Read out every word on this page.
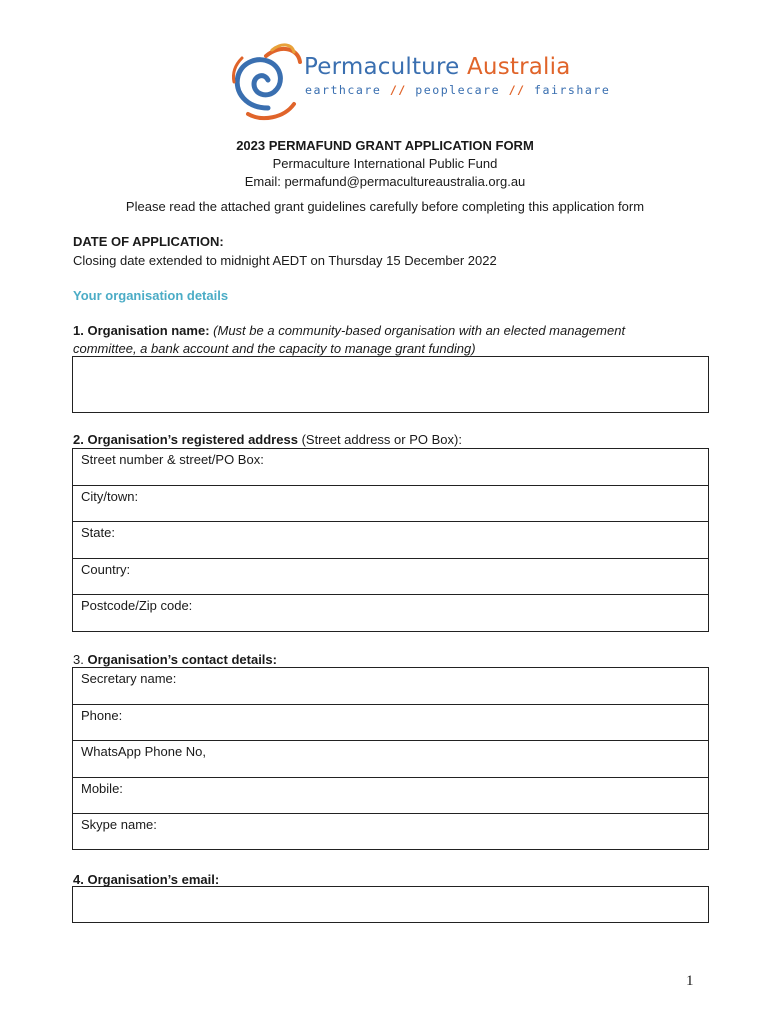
Permaculture Australia
earthcare // peoplecare // fairshare
2023 PERMAFUND GRANT APPLICATION FORM
Permaculture International Public Fund
Email: permafund@permacultureaustralia.org.au
Please read the attached grant guidelines carefully before completing this application form
DATE OF APPLICATION:
Closing date extended to midnight AEDT on Thursday 15 December 2022
Your organisation details
1. Organisation name: (Must be a community-based organisation with an elected management
committee, a bank account and the capacity to manage grant funding)
2. Organisation’s registered address (Street address or PO Box):
Street number & street/PO Box:
City/town:
State:
Country:
Postcode/Zip code:
3. Organisation’s contact details:
Secretary name:
Phone:
WhatsApp Phone No,
Mobile:
Skype name:
4. Organisation’s email:
1
